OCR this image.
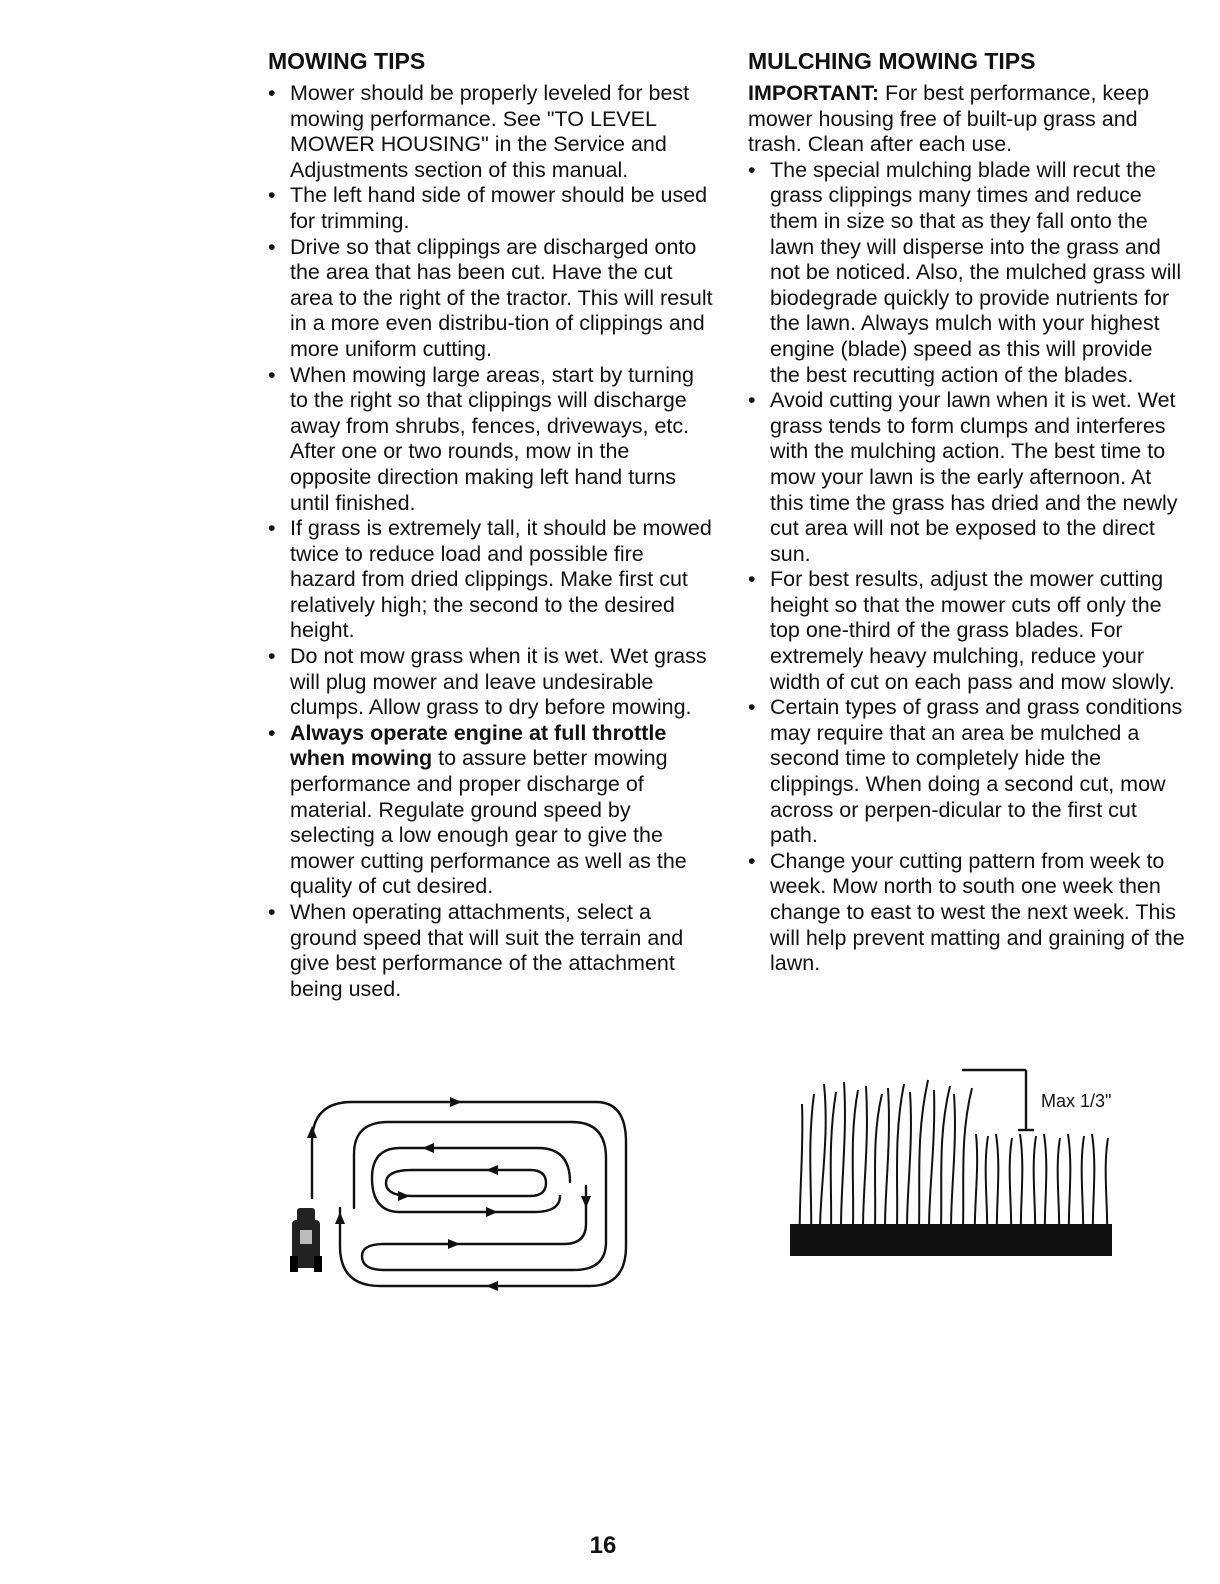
MOWING TIPS
• Mower should be properly leveled for best mowing performance. See "TO LEVEL MOWER HOUSING" in the Service and Adjustments section of this manual.
• The left hand side of mower should be used for trimming.
• Drive so that clippings are discharged onto the area that has been cut. Have the cut area to the right of the tractor. This will result in a more even distribu-tion of clippings and more uniform cutting.
• When mowing large areas, start by turning to the right so that clippings will discharge away from shrubs, fences, driveways, etc. After one or two rounds, mow in the opposite direction making left hand turns until finished.
• If grass is extremely tall, it should be mowed twice to reduce load and possible fire hazard from dried clippings. Make first cut relatively high; the second to the desired height.
• Do not mow grass when it is wet. Wet grass will plug mower and leave undesirable clumps. Allow grass to dry before mowing.
• Always operate engine at full throttle when mowing to assure better mowing performance and proper discharge of material. Regulate ground speed by selecting a low enough gear to give the mower cutting performance as well as the quality of cut desired.
• When operating attachments, select a ground speed that will suit the terrain and give best performance of the attachment being used.
MULCHING MOWING TIPS

IMPORTANT: For best performance, keep mower housing free of built-up grass and trash. Clean after each use.

• The special mulching blade will recut the grass clippings many times and reduce them in size so that as they fall onto the lawn they will disperse into the grass and not be noticed. Also, the mulched grass will biodegrade quickly to provide nutrients for the lawn. Always mulch with your highest engine (blade) speed as this will provide the best recutting action of the blades.
• Avoid cutting your lawn when it is wet. Wet grass tends to form clumps and interferes with the mulching action. The best time to mow your lawn is the early afternoon. At this time the grass has dried and the newly cut area will not be exposed to the direct sun.
• For best results, adjust the mower cutting height so that the mower cuts off only the top one-third of the grass blades. For extremely heavy mulching, reduce your width of cut on each pass and mow slowly.
• Certain types of grass and grass conditions may require that an area be mulched a second time to completely hide the clippings. When doing a second cut, mow across or perpen-dicular to the first cut path.
• Change your cutting pattern from week to week. Mow north to south one week then change to east to west the next week. This will help prevent matting and graining of the lawn.
Max 1/3"
16
